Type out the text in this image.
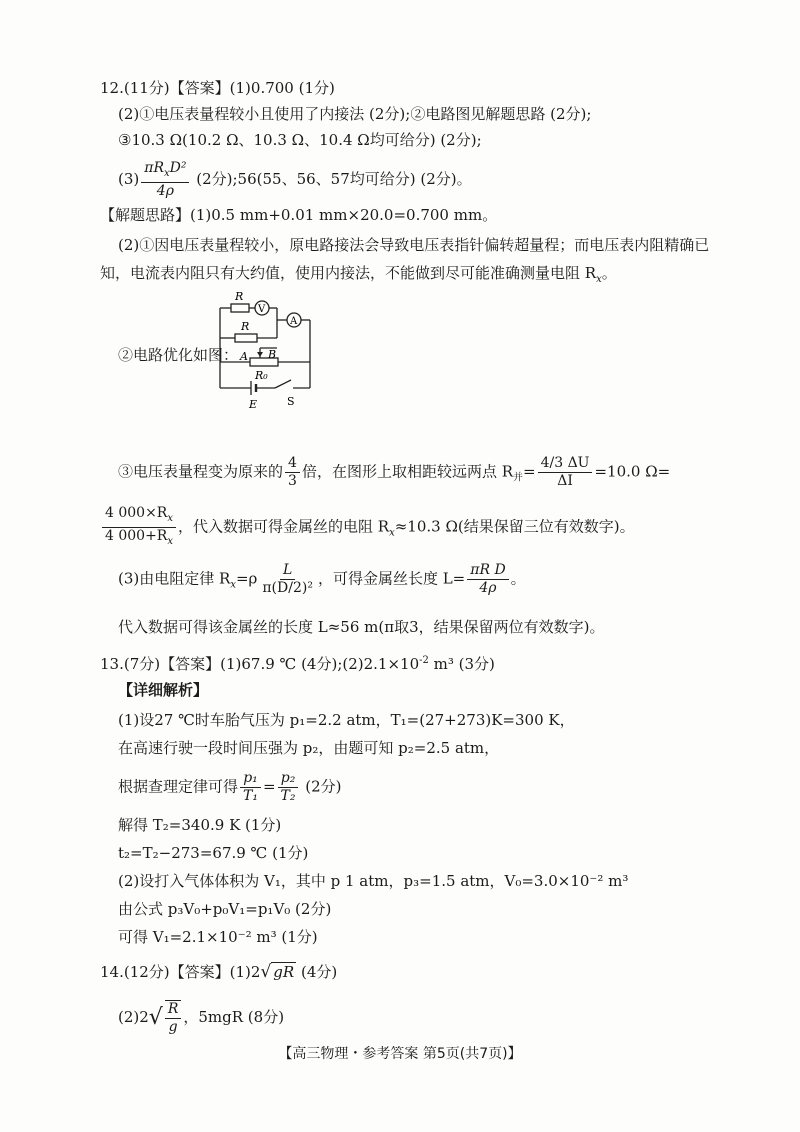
12.(11分)【答案】(1)0.700 (1分)
(2)①电压表量程较小且使用了内接法 (2分);②电路图见解题思路 (2分);
③10.3 Ω(10.2 Ω、10.3 Ω、10.4 Ω均可给分) (2分);
$(3) \frac{\pi R_xD^2}{4\rho} (2$分);56(55、56、57均可给分) (2分)。
【解题思路】(1)0.5 mm+0.01 mm×20.0=0.700 mm。
(2)①因电压表量程较小，原电路接法会导致电压表指针偏转超量程；而电压表内阻精确已
知，电流表内阻只有大约值，使用内接法，不能做到尽可能准确测量电阻 $R_x$。
②电路优化如图：
R
V
R	A
A B
R₀
E	S
③电压表量程变为原来的 $\frac{4}{3}$ 倍，在图形上取相距较远两点 $R_并= \frac{4/3 \Delta U}{\Delta I} =10.0$ Ω=
$\frac{4 000\times R_x}{4 000+R_x}$ ，代入数据可得金属丝的电阻 $R_x\approx 10.3$ Ω(结果保留三位有效数字)。
(3)由电阻定律 $R_x=\rho \frac{L}{\text{π(D/2)²}}$ ，可得金属丝长度 $L= \frac{\text{πR D}}{4\rho}$ 。
代入数据可得该金属丝的长度 L≈56 m(π取3，结果保留两位有效数字)。
13.(7分)【答案】(1)67.9 ℃ (4分)$;(2)2.1\times 10^{-2}$ m³ (3分)
【详细解析】
(1)设27 ℃时车胎气压为 p₁=2.2 atm，T₁=(27+273)K=300 K，
在高速行驶一段时间压强为 p₂，由题可知 p₂=2.5 atm，
根据查理定律可得 $\frac{\text{p₁}}{\text{T₁}} = \frac{\text{p₂}}{\text{T₂}} (2$分)
解得 T₂=340.9 K (1分)
t₂=T₂−273=67.9 ℃ (1分)
(2)设打入气体体积为 V₁，其中 p 1 atm，p₃=1.5 atm，V₀=3.0×10⁻² m³
由公式 p₃V₀+p₀V₁=p₁V₀ (2分)
可得 V₁=2.1×10⁻² m³ (1分)
14.(12分)【答案】(1)2√ gR (4分)
$(2)2√ \frac{R}{g}$ ，5mgR (8分)
【高三物理・参考答案 第5页(共7页)】
